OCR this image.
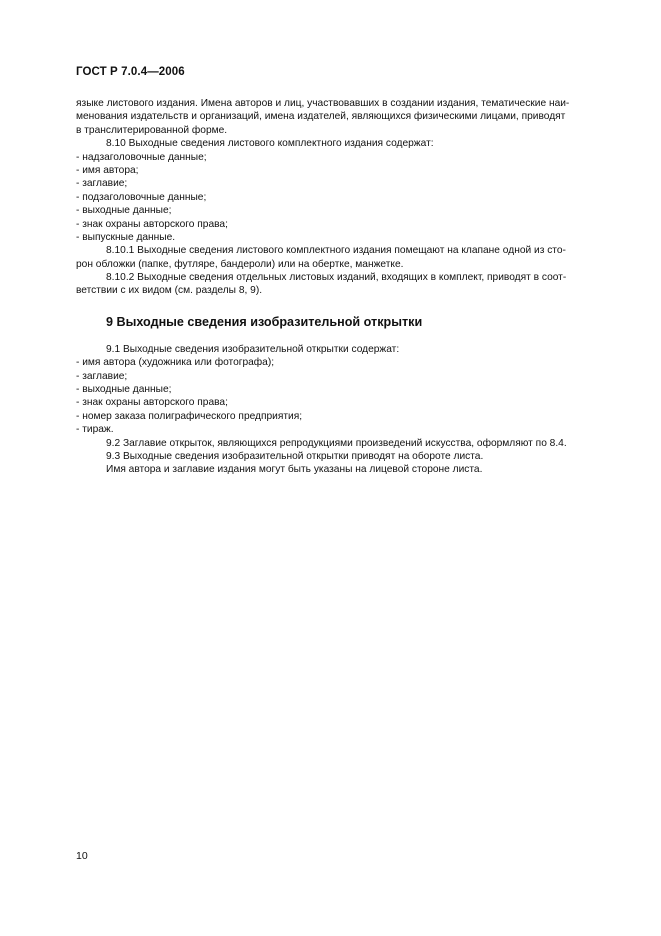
ГОСТ Р 7.0.4—2006
языке листового издания. Имена авторов и лиц, участвовавших в создании издания, тематические наи-
менования издательств и организаций, имена издателей, являющихся физическими лицами, приводят
в транслитерированной форме.
8.10 Выходные сведения листового комплектного издания содержат:
- надзаголовочные данные;
- имя автора;
- заглавие;
- подзаголовочные данные;
- выходные данные;
- знак охраны авторского права;
- выпускные данные.
8.10.1 Выходные сведения листового комплектного издания помещают на клапане одной из сто-
рон обложки (папке, футляре, бандероли) или на обертке, манжетке.
8.10.2 Выходные сведения отдельных листовых изданий, входящих в комплект, приводят в соот-
ветствии с их видом (см. разделы 8, 9).
9 Выходные сведения изобразительной открытки
9.1 Выходные сведения изобразительной открытки содержат:
- имя автора (художника или фотографа);
- заглавие;
- выходные данные;
- знак охраны авторского права;
- номер заказа полиграфического предприятия;
- тираж.
9.2 Заглавие открыток, являющихся репродукциями произведений искусства, оформляют по 8.4.
9.3 Выходные сведения изобразительной открытки приводят на обороте листа.
Имя автора и заглавие издания могут быть указаны на лицевой стороне листа.
10
